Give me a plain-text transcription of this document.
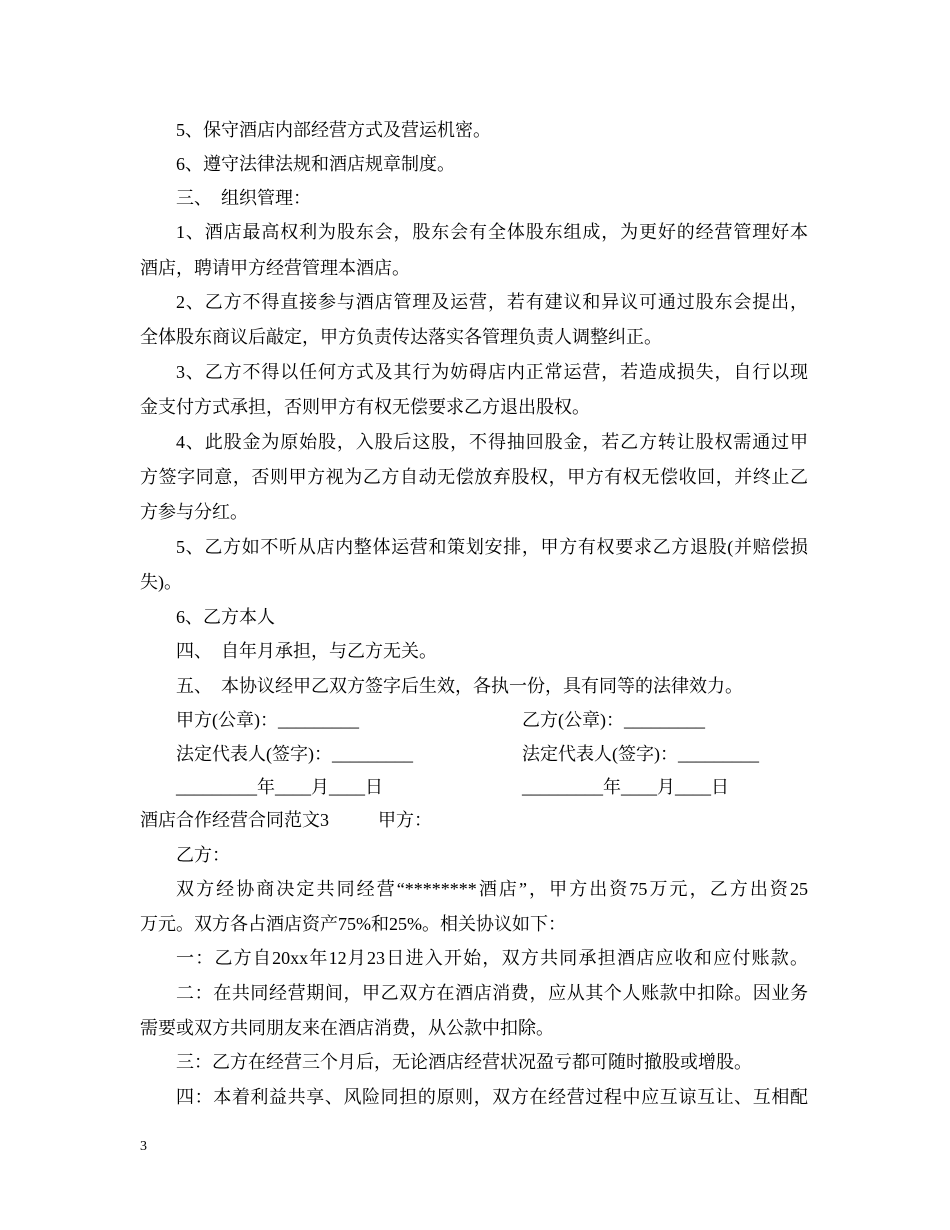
5、保守酒店内部经营方式及营运机密。
6、遵守法律法规和酒店规章制度。
三、  组织管理：
1、酒店最高权利为股东会，股东会有全体股东组成，为更好的经营管理好本
酒店，聘请甲方经营管理本酒店。
2、乙方不得直接参与酒店管理及运营，若有建议和异议可通过股东会提出，
全体股东商议后敲定，甲方负责传达落实各管理负责人调整纠正。
3、乙方不得以任何方式及其行为妨碍店内正常运营，若造成损失，自行以现
金支付方式承担，否则甲方有权无偿要求乙方退出股权。
4、此股金为原始股，入股后这股，不得抽回股金，若乙方转让股权需通过甲
方签字同意，否则甲方视为乙方自动无偿放弃股权，甲方有权无偿收回，并终止乙
方参与分红。
5、乙方如不听从店内整体运营和策划安排，甲方有权要求乙方退股(并赔偿损
失)。
6、乙方本人
四、  自年月承担，与乙方无关。
五、  本协议经甲乙双方签字后生效，各执一份，具有同等的法律效力。
甲方(公章)：_________	乙方(公章)：_________
法定代表人(签字)：_________	法定代表人(签字)：_________
_________年____月____日	_________年____月____日
酒店合作经营合同范文3	甲方：
乙方：
双方经协商决定共同经营“********酒店”，甲方出资75万元，乙方出资25
万元。双方各占酒店资产75%和25%。相关协议如下：
一：乙方自20xx年12月23日进入开始，双方共同承担酒店应收和应付账款。
二：在共同经营期间，甲乙双方在酒店消费，应从其个人账款中扣除。因业务
需要或双方共同朋友来在酒店消费，从公款中扣除。
三：乙方在经营三个月后，无论酒店经营状况盈亏都可随时撤股或增股。
四：本着利益共享、风险同担的原则，双方在经营过程中应互谅互让、互相配
3
